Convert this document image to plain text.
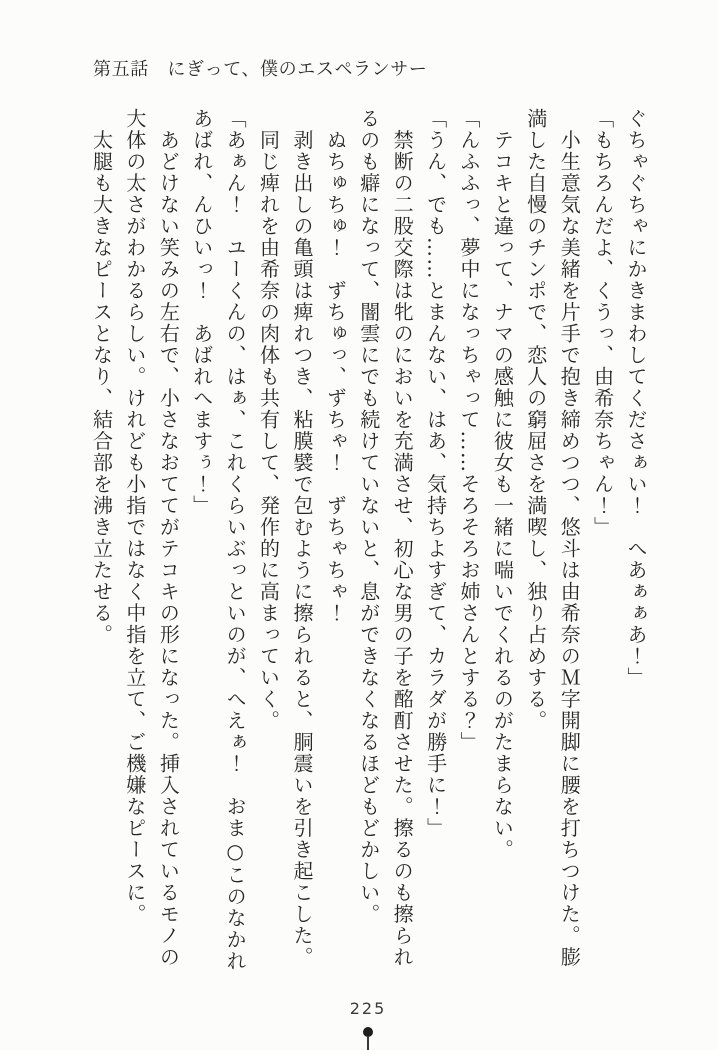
第五話　にぎって、僕のエスペランサー

ぐちゃぐちゃにかきまわしてくださぁい！　へあぁぁあ！」

「もちろんだよ、くうっ、由希奈ちゃん！」

　小生意気な美緒を片手で抱き締めつつ、悠斗は由希奈のＭ字開脚に腰を打ちつけた。膨

満した自慢のチンポで、恋人の窮屈さを満喫し、独り占めする。

　テコキと違って、ナマの感触に彼女も一緒に喘いでくれるのがたまらない。

「んふふっ、夢中になっちゃって……そろそろお姉さんとする？」

「うん、でも……とまんない、はあ、気持ちよすぎて、カラダが勝手に！」

　禁断の二股交際は牝のにおいを充満させ、初心な男の子を酩酊させた。擦るのも擦られ

るのも癖になって、闇雲にでも続けていないと、息ができなくなるほどもどかしい。

　ぬちゅちゅ！　ずちゅっ、ずちゃ！　ずちゃちゃ！

　剥き出しの亀頭は痺れつき、粘膜襞で包むように擦られると、胴震いを引き起こした。

　同じ痺れを由希奈の肉体も共有して、発作的に高まっていく。

「あぁん！　ユーくんの、はぁ、これくらいぶっといのが、へえぁ！　おま○このなかれ

あばれ、んひいっ！　あばれへますぅ！」

　あどけない笑みの左右で、小さなおててがテコキの形になった。挿入されているモノの

大体の太さがわかるらしい。けれども小指ではなく中指を立て、ご機嫌なピースに。

　太腿も大きなピースとなり、結合部を沸き立たせる。

225
